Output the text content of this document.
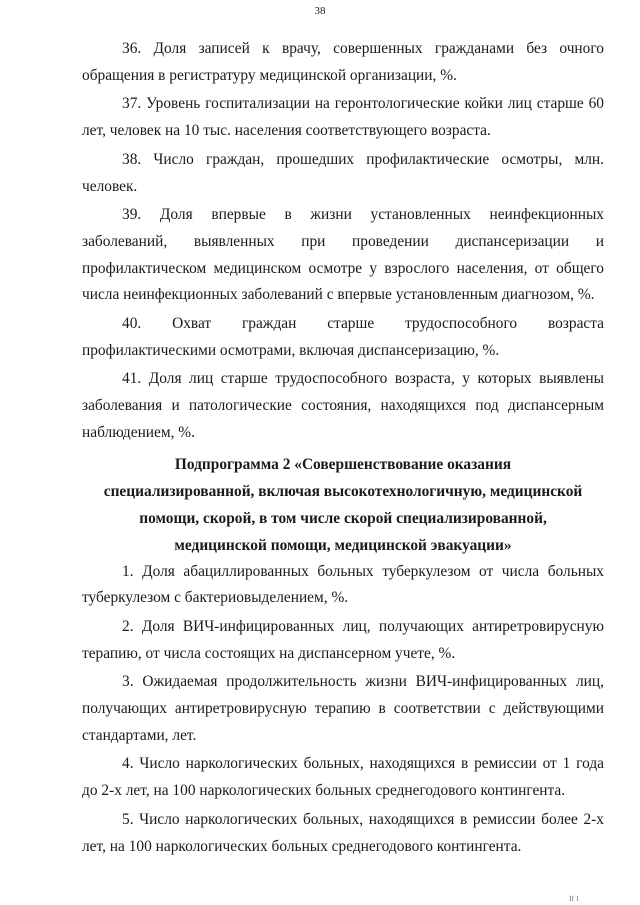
38

36. Доля записей к врачу, совершенных гражданами без очного обращения в регистратуру медицинской организации, %.

37. Уровень госпитализации на геронтологические койки лиц старше 60 лет, человек на 10 тыс. населения соответствующего возраста.

38. Число граждан, прошедших профилактические осмотры, млн. человек.

39. Доля впервые в жизни установленных неинфекционных заболеваний, выявленных при проведении диспансеризации и профилактическом медицинском осмотре у взрослого населения, от общего числа неинфекционных заболеваний с впервые установленным диагнозом, %.

40. Охват граждан старше трудоспособного возраста профилактическими осмотрами, включая диспансеризацию, %.

41. Доля лиц старше трудоспособного возраста, у которых выявлены заболевания и патологические состояния, находящихся под диспансерным наблюдением, %.

Подпрограмма 2 «Совершенствование оказания
специализированной, включая высокотехнологичную, медицинской
помощи, скорой, в том числе скорой специализированной,
медицинской помощи, медицинской эвакуации»

1. Доля абациллированных больных туберкулезом от числа больных туберкулезом с бактериовыделением, %.

2. Доля ВИЧ-инфицированных лиц, получающих антиретровирусную терапию, от числа состоящих на диспансерном учете, %.

3. Ожидаемая продолжительность жизни ВИЧ-инфицированных лиц, получающих антиретровирусную терапию в соответствии с действующими стандартами, лет.

4. Число наркологических больных, находящихся в ремиссии от 1 года до 2-х лет, на 100 наркологических больных среднегодового контингента.

5. Число наркологических больных, находящихся в ремиссии более 2-х лет, на 100 наркологических больных среднегодового контингента.

If 1
